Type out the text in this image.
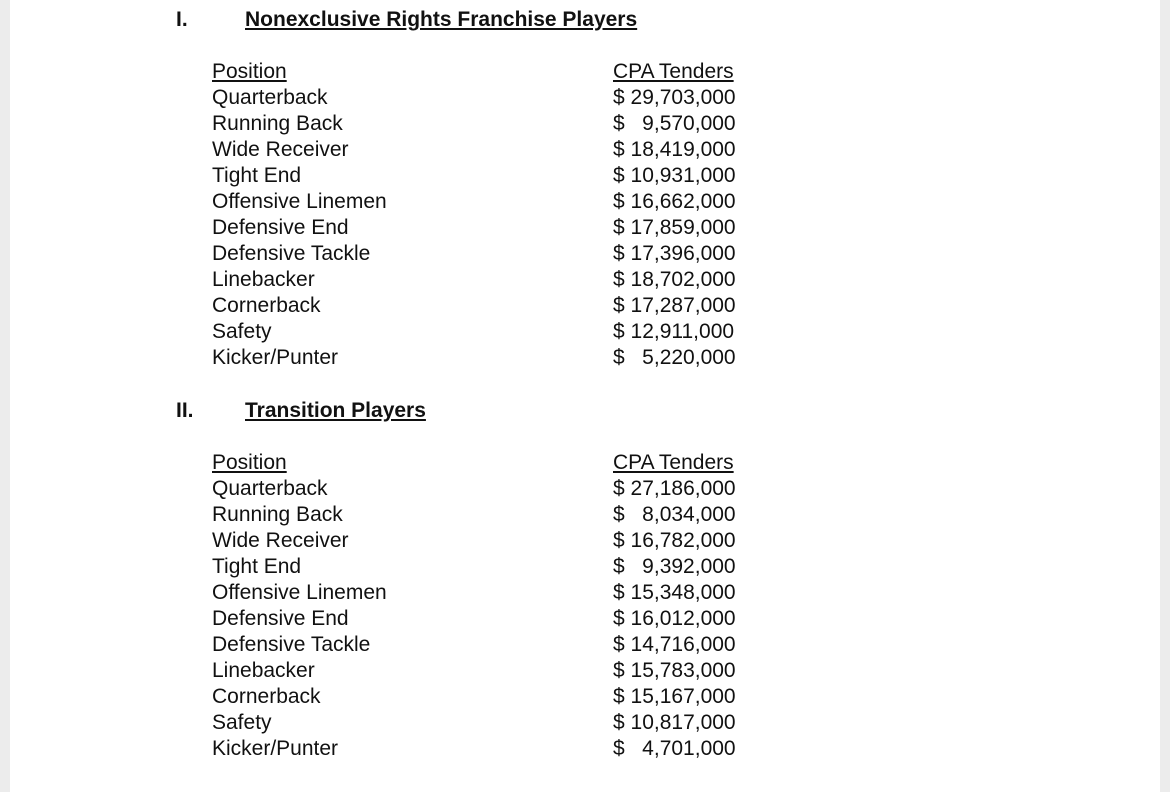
I.	Nonexclusive Rights Franchise Players
Position	CPA Tenders
Quarterback	$ 29,703,000
Running Back	$   9,570,000
Wide Receiver	$ 18,419,000
Tight End	$ 10,931,000
Offensive Linemen	$ 16,662,000
Defensive End	$ 17,859,000
Defensive Tackle	$ 17,396,000
Linebacker	$ 18,702,000
Cornerback	$ 17,287,000
Safety	$ 12,911,000
Kicker/Punter	$   5,220,000
II. Transition Players
Position	CPA Tenders
Quarterback	$ 27,186,000
Running Back	$   8,034,000
Wide Receiver	$ 16,782,000
Tight End	$   9,392,000
Offensive Linemen	$ 15,348,000
Defensive End	$ 16,012,000
Defensive Tackle	$ 14,716,000
Linebacker	$ 15,783,000
Cornerback	$ 15,167,000
Safety	$ 10,817,000
Kicker/Punter	$   4,701,000
